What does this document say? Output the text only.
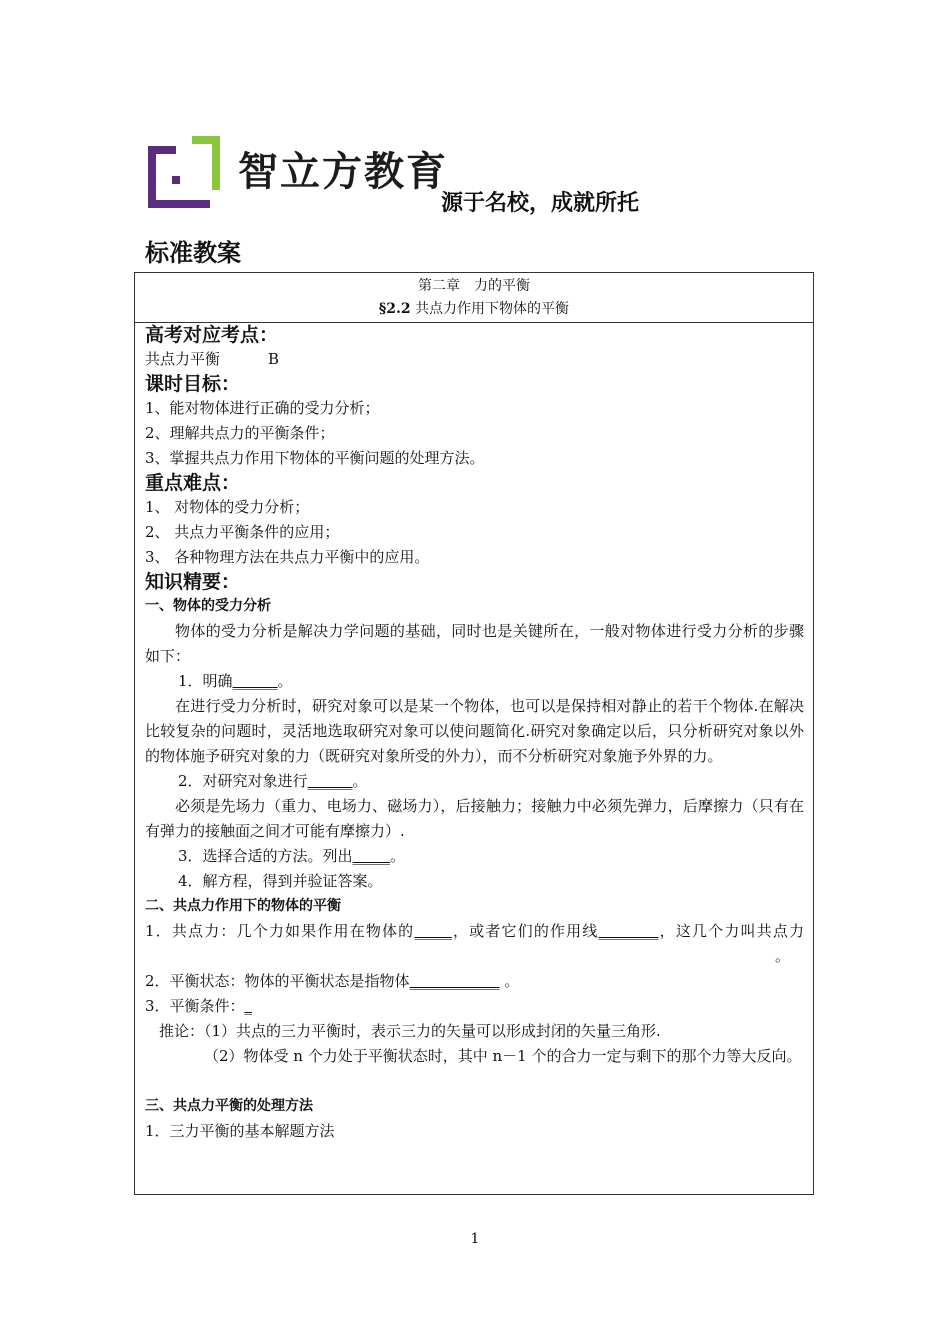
智立方教育
源于名校，成就所托
标准教案
第二章　力的平衡
§2.2 共点力作用下物体的平衡

高考对应考点：

共点力平衡	B

课时目标：

1、能对物体进行正确的受力分析；

2、理解共点力的平衡条件；

3、掌握共点力作用下物体的平衡问题的处理方法。

重点难点：

1、 对物体的受力分析；

2、 共点力平衡条件的应用；

3、 各种物理方法在共点力平衡中的应用。

知识精要：

一、物体的受力分析

物体的受力分析是解决力学问题的基础，同时也是关键所在，一般对物体进行受力分析的步骤如下：

1．明确______。

在进行受力分析时，研究对象可以是某一个物体，也可以是保持相对静止的若干个物体.在解决比较复杂的问题时，灵活地选取研究对象可以使问题简化.研究对象确定以后，只分析研究对象以外的物体施予研究对象的力（既研究对象所受的外力），而不分析研究对象施予外界的力。

2．对研究对象进行______。

必须是先场力（重力、电场力、磁场力），后接触力；接触力中必须先弹力，后摩擦力（只有在有弹力的接触面之间才可能有摩擦力）.

3．选择合适的方法。列出_____。

4．解方程，得到并验证答案。

二、共点力作用下的物体的平衡

1．共点力：几个力如果作用在物体的_____，或者它们的作用线________，这几个力叫共点力。

2．平衡状态：物体的平衡状态是指物体____________ 。

3．平衡条件：_

推论：（1）共点的三力平衡时，表示三力的矢量可以形成封闭的矢量三角形.

（2）物体受 n 个力处于平衡状态时，其中 n－1 个的合力一定与剩下的那个力等大反向。

三、共点力平衡的处理方法

1．三力平衡的基本解题方法

1
